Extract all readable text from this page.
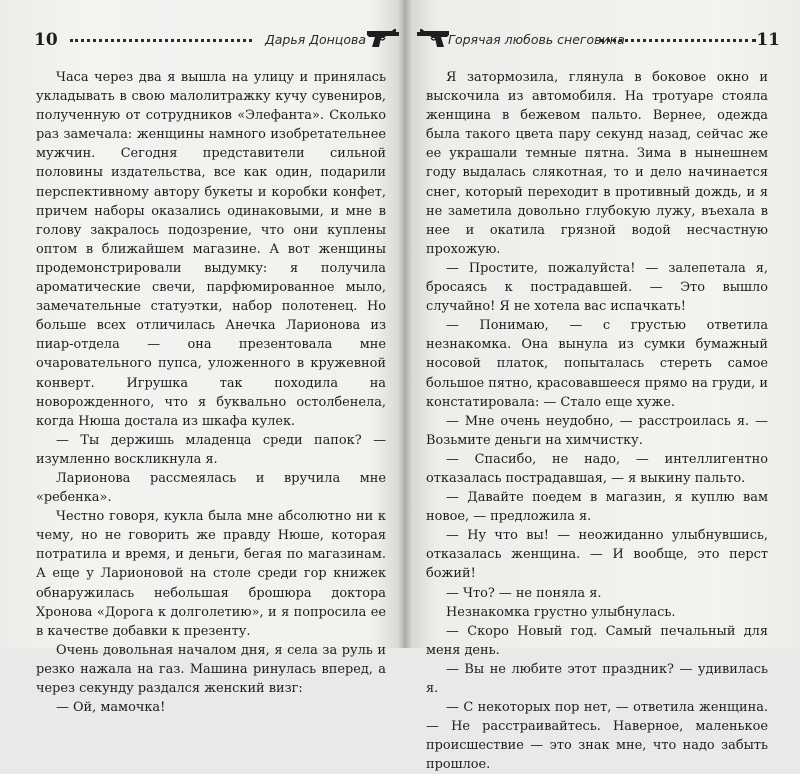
10	Дарья Донцова

Часа через два я вышла на улицу и принялась укладывать в свою малолитражку кучу сувениров, полученную от сотрудников «Элефанта». Сколько раз замечала: женщины намного изобретательнее мужчин. Сегодня представители сильной половины издательства, все как один, подарили перспективному автору букеты и коробки конфет, причем наборы оказались одинаковыми, и мне в голову закралось подозрение, что они куплены оптом в ближайшем магазине. А вот женщины продемонстрировали выдумку: я получила ароматические свечи, парфюмированное мыло, замечательные статуэтки, набор полотенец. Но больше всех отличилась Анечка Ларионова из пиар-отдела — она презентовала мне очаровательного пупса, уложенного в кружевной конверт. Игрушка так походила на новорожденного, что я буквально остолбенела, когда Нюша достала из шкафа кулек.

— Ты держишь младенца среди папок? — изумленно воскликнула я.

Ларионова рассмеялась и вручила мне «ребенка».

Честно говоря, кукла была мне абсолютно ни к чему, но не говорить же правду Нюше, которая потратила и время, и деньги, бегая по магазинам. А еще у Ларионовой на столе среди гор книжек обнаружилась небольшая брошюра доктора Хронова «Дорога к долголетию», и я попросила ее в качестве добавки к презенту.

Очень довольная началом дня, я села за руль и резко нажала на газ. Машина ринулась вперед, а через секунду раздался женский визг:

— Ой, мамочка!

Горячая любовь снеговика	11

Я затормозила, глянула в боковое окно и выскочила из автомобиля. На тротуаре стояла женщина в бежевом пальто. Вернее, одежда была такого цвета пару секунд назад, сейчас же ее украшали темные пятна. Зима в нынешнем году выдалась слякотная, то и дело начинается снег, который переходит в противный дождь, и я не заметила довольно глубокую лужу, въехала в нее и окатила грязной водой несчастную прохожую.

— Простите, пожалуйста! — залепетала я, бросаясь к пострадавшей. — Это вышло случайно! Я не хотела вас испачкать!

— Понимаю, — с грустью ответила незнакомка. Она вынула из сумки бумажный носовой платок, попыталась стереть самое большое пятно, красовавшееся прямо на груди, и констатировала: — Стало еще хуже.

— Мне очень неудобно, — расстроилась я. — Возьмите деньги на химчистку.

— Спасибо, не надо, — интеллигентно отказалась пострадавшая, — я выкину пальто.

— Давайте поедем в магазин, я куплю вам новое, — предложила я.

— Ну что вы! — неожиданно улыбнувшись, отказалась женщина. — И вообще, это перст божий!

— Что? — не поняла я.

Незнакомка грустно улыбнулась.

— Скоро Новый год. Самый печальный для меня день.

— Вы не любите этот праздник? — удивилась я.

— С некоторых пор нет, — ответила женщина. — Не расстраивайтесь. Наверное, маленькое происшествие — это знак мне, что надо забыть прошлое.
